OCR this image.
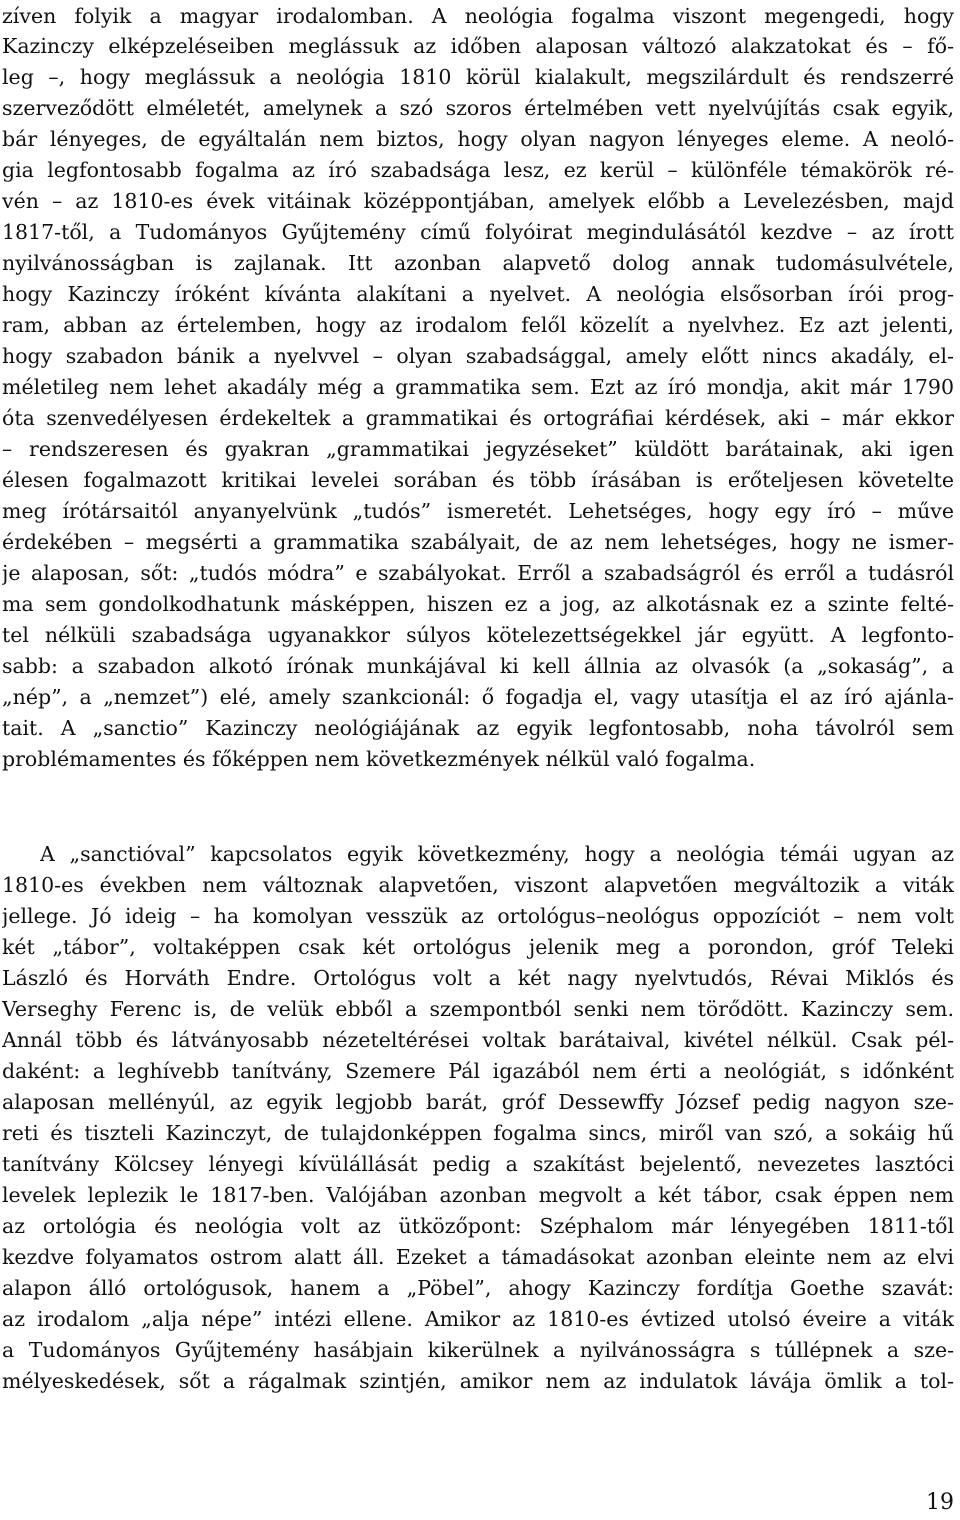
zíven folyik a magyar irodalomban. A neológia fogalma viszont megengedi, hogy
Kazinczy elképzeléseiben meglássuk az időben alaposan változó alakzatokat és – fő-
leg –, hogy meglássuk a neológia 1810 körül kialakult, megszilárdult és rendszerré
szerveződött elméletét, amelynek a szó szoros értelmében vett nyelvújítás csak egyik,
bár lényeges, de egyáltalán nem biztos, hogy olyan nagyon lényeges eleme. A neoló-
gia legfontosabb fogalma az író szabadsága lesz, ez kerül – különféle témakörök ré-
vén – az 1810-es évek vitáinak középpontjában, amelyek előbb a Levelezésben, majd
1817-től, a Tudományos Gyűjtemény című folyóirat megindulásától kezdve – az írott
nyilvánosságban is zajlanak. Itt azonban alapvető dolog annak tudomásulvétele,
hogy Kazinczy íróként kívánta alakítani a nyelvet. A neológia elsősorban írói prog-
ram, abban az értelemben, hogy az irodalom felől közelít a nyelvhez. Ez azt jelenti,
hogy szabadon bánik a nyelvvel – olyan szabadsággal, amely előtt nincs akadály, el-
méletileg nem lehet akadály még a grammatika sem. Ezt az író mondja, akit már 1790
óta szenvedélyesen érdekeltek a grammatikai és ortográfiai kérdések, aki – már ekkor
– rendszeresen és gyakran „grammatikai jegyzéseket” küldött barátainak, aki igen
élesen fogalmazott kritikai levelei sorában és több írásában is erőteljesen követelte
meg írótársaitól anyanyelvünk „tudós” ismeretét. Lehetséges, hogy egy író – műve
érdekében – megsérti a grammatika szabályait, de az nem lehetséges, hogy ne ismer-
je alaposan, sőt: „tudós módra” e szabályokat. Erről a szabadságról és erről a tudásról
ma sem gondolkodhatunk másképpen, hiszen ez a jog, az alkotásnak ez a szinte felté-
tel nélküli szabadsága ugyanakkor súlyos kötelezettségekkel jár együtt. A legfonto-
sabb: a szabadon alkotó írónak munkájával ki kell állnia az olvasók (a „sokaság”, a
„nép”, a „nemzet”) elé, amely szankcionál: ő fogadja el, vagy utasítja el az író ajánla-
tait. A „sanctio” Kazinczy neológiájának az egyik legfontosabb, noha távolról sem
problémamentes és főképpen nem következmények nélkül való fogalma.
A „sanctióval” kapcsolatos egyik következmény, hogy a neológia témái ugyan az
1810-es években nem változnak alapvetően, viszont alapvetően megváltozik a viták
jellege. Jó ideig – ha komolyan vesszük az ortológus–neológus oppozíciót – nem volt
két „tábor”, voltaképpen csak két ortológus jelenik meg a porondon, gróf Teleki
László és Horváth Endre. Ortológus volt a két nagy nyelvtudós, Révai Miklós és
Verseghy Ferenc is, de velük ebből a szempontból senki nem törődött. Kazinczy sem.
Annál több és látványosabb nézeteltérései voltak barátaival, kivétel nélkül. Csak pél-
daként: a leghívebb tanítvány, Szemere Pál igazából nem érti a neológiát, s időnként
alaposan mellényúl, az egyik legjobb barát, gróf Dessewffy József pedig nagyon sze-
reti és tiszteli Kazinczyt, de tulajdonképpen fogalma sincs, miről van szó, a sokáig hű
tanítvány Kölcsey lényegi kívülállását pedig a szakítást bejelentő, nevezetes lasztóci
levelek leplezik le 1817-ben. Valójában azonban megvolt a két tábor, csak éppen nem
az ortológia és neológia volt az ütközőpont: Széphalom már lényegében 1811-től
kezdve folyamatos ostrom alatt áll. Ezeket a támadásokat azonban eleinte nem az elvi
alapon álló ortológusok, hanem a „Pöbel”, ahogy Kazinczy fordítja Goethe szavát:
az irodalom „alja népe” intézi ellene. Amikor az 1810-es évtized utolsó éveire a viták
a Tudományos Gyűjtemény hasábjain kikerülnek a nyilvánosságra s túllépnek a sze-
mélyeskedések, sőt a rágalmak szintjén, amikor nem az indulatok lávája ömlik a tol-
19
